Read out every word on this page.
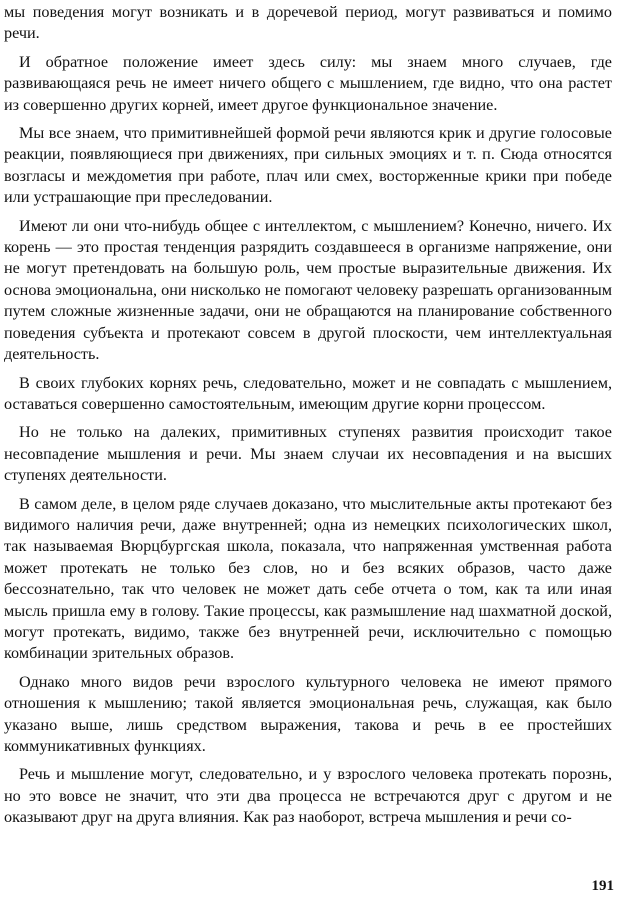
мы поведения могут возникать и в доречевой период, могут развиваться и помимо речи.

И обратное положение имеет здесь силу: мы знаем много случаев, где развивающаяся речь не имеет ничего общего с мышлением, где видно, что она растет из совершенно других корней, имеет другое функциональное значение.

Мы все знаем, что примитивнейшей формой речи являются крик и другие голосовые реакции, появляющиеся при движениях, при сильных эмоциях и т. п. Сюда относятся возгласы и междометия при работе, плач или смех, восторженные крики при победе или устрашающие при преследовании.

Имеют ли они что-нибудь общее с интеллектом, с мышлением? Конечно, ничего. Их корень — это простая тенденция разрядить создавшееся в организме напряжение, они не могут претендовать на большую роль, чем простые выразительные движения. Их основа эмоциональна, они нисколько не помогают человеку разрешать организованным путем сложные жизненные задачи, они не обращаются на планирование собственного поведения субъекта и протекают совсем в другой плоскости, чем интеллектуальная деятельность.

В своих глубоких корнях речь, следовательно, может и не совпадать с мышлением, оставаться совершенно самостоятельным, имеющим другие корни процессом.

Но не только на далеких, примитивных ступенях развития происходит такое несовпадение мышления и речи. Мы знаем случаи их несовпадения и на высших ступенях деятельности.

В самом деле, в целом ряде случаев доказано, что мыслительные акты протекают без видимого наличия речи, даже внутренней; одна из немецких психологических школ, так называемая Вюрцбургская школа, показала, что напряженная умственная работа может протекать не только без слов, но и без всяких образов, часто даже бессознательно, так что человек не может дать себе отчета о том, как та или иная мысль пришла ему в голову. Такие процессы, как размышление над шахматной доской, могут протекать, видимо, также без внутренней речи, исключительно с помощью комбинации зрительных образов.

Однако много видов речи взрослого культурного человека не имеют прямого отношения к мышлению; такой является эмоциональная речь, служащая, как было указано выше, лишь средством выражения, такова и речь в ее простейших коммуникативных функциях.

Речь и мышление могут, следовательно, и у взрослого человека протекать порознь, но это вовсе не значит, что эти два процесса не встречаются друг с другом и не оказывают друг на друга влияния. Как раз наоборот, встреча мышления и речи со-

191
